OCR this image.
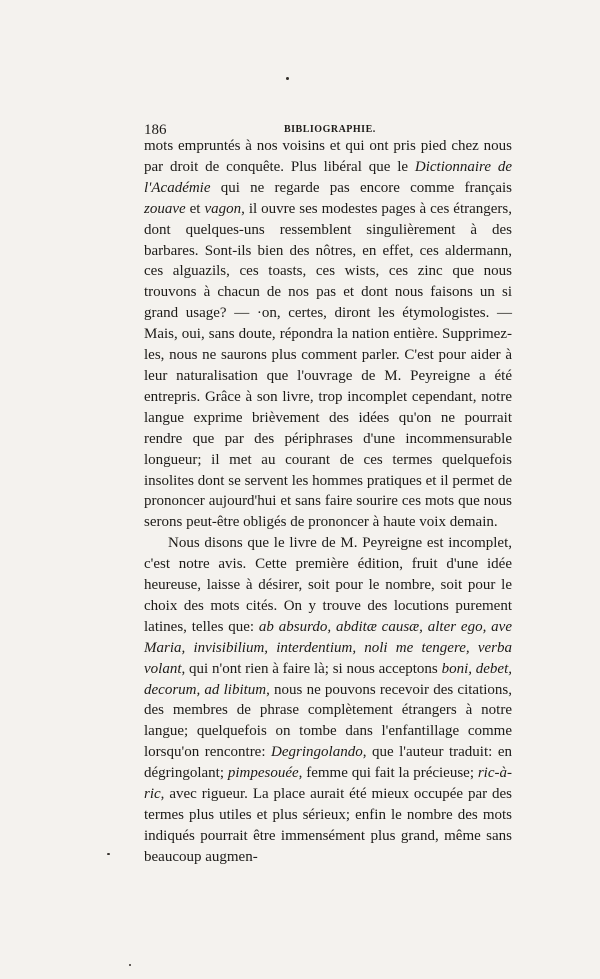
186	BIBLIOGRAPHIE.

mots empruntés à nos voisins et qui ont pris pied chez nous par droit de conquête. Plus libéral que le Dictionnaire de l'Académie qui ne regarde pas encore comme français zouave et vagon, il ouvre ses modestes pages à ces étrangers, dont quelques-uns ressemblent singulièrement à des barbares. Sont-ils bien des nôtres, en effet, ces aldermann, ces alguazils, ces toasts, ces wists, ces zinc que nous trouvons à chacun de nos pas et dont nous faisons un si grand usage? — ·on, certes, diront les étymologistes. — Mais, oui, sans doute, répondra la nation entière. Supprimez-les, nous ne saurons plus comment parler. C'est pour aider à leur naturalisation que l'ouvrage de M. Peyreigne a été entrepris. Grâce à son livre, trop incomplet cependant, notre langue exprime brièvement des idées qu'on ne pourrait rendre que par des périphrases d'une incommensurable longueur; il met au courant de ces termes quelquefois insolites dont se servent les hommes pratiques et il permet de prononcer aujourd'hui et sans faire sourire ces mots que nous serons peut-être obligés de prononcer à haute voix demain.

Nous disons que le livre de M. Peyreigne est incomplet, c'est notre avis. Cette première édition, fruit d'une idée heureuse, laisse à désirer, soit pour le nombre, soit pour le choix des mots cités. On y trouve des locutions purement latines, telles que: ab absurdo, abditæ causæ, alter ego, ave Maria, invisibilium, interdentium, noli me tengere, verba volant, qui n'ont rien à faire là; si nous acceptons boni, debet, decorum, ad libitum, nous ne pouvons recevoir des citations, des membres de phrase complètement étrangers à notre langue; quelquefois on tombe dans l'enfantillage comme lorsqu'on rencontre: Degringolando, que l'auteur traduit: en dégringolant; pimpesouée, femme qui fait la précieuse; ric-à-ric, avec rigueur. La place aurait été mieux occupée par des termes plus utiles et plus sérieux; enfin le nombre des mots indiqués pourrait être immensément plus grand, même sans beaucoup augmen-
